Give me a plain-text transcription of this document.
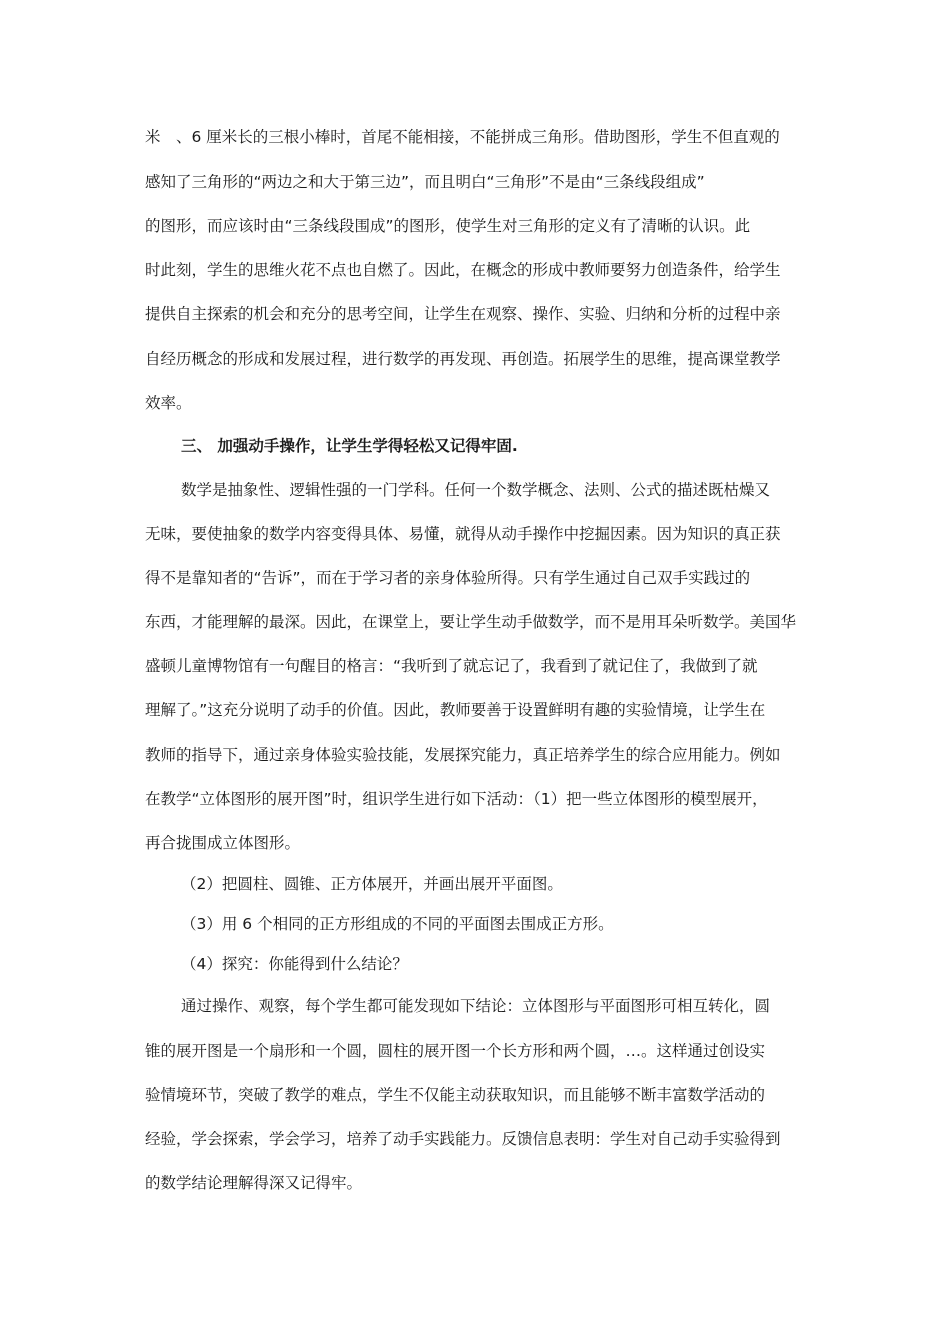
米　、6 厘米长的三根小棒时，首尾不能相接，不能拼成三角形。借助图形，学生不但直观的
感知了三角形的“两边之和大于第三边”，而且明白“三角形”不是由“三条线段组成”
的图形，而应该时由“三条线段围成”的图形，使学生对三角形的定义有了清晰的认识。此
时此刻，学生的思维火花不点也自燃了。因此，在概念的形成中教师要努力创造条件，给学生
提供自主探索的机会和充分的思考空间，让学生在观察、操作、实验、归纳和分析的过程中亲
自经历概念的形成和发展过程，进行数学的再发现、再创造。拓展学生的思维，提高课堂教学
效率。
三、 加强动手操作，让学生学得轻松又记得牢固.
数学是抽象性、逻辑性强的一门学科。任何一个数学概念、法则、公式的描述既枯燥又
无味，要使抽象的数学内容变得具体、易懂，就得从动手操作中挖掘因素。因为知识的真正获
得不是靠知者的“告诉”，而在于学习者的亲身体验所得。只有学生通过自己双手实践过的
东西，才能理解的最深。因此，在课堂上，要让学生动手做数学，而不是用耳朵听数学。美国华
盛顿儿童博物馆有一句醒目的格言：“我听到了就忘记了，我看到了就记住了，我做到了就
理解了。”这充分说明了动手的价值。因此，教师要善于设置鲜明有趣的实验情境，让学生在
教师的指导下，通过亲身体验实验技能，发展探究能力，真正培养学生的综合应用能力。例如
在教学“立体图形的展开图”时，组识学生进行如下活动：（1）把一些立体图形的模型展开，
再合拢围成立体图形。
（2）把圆柱、圆锥、正方体展开，并画出展开平面图。
（3）用 6 个相同的正方形组成的不同的平面图去围成正方形。
（4）探究：你能得到什么结论？
通过操作、观察，每个学生都可能发现如下结论：立体图形与平面图形可相互转化，圆
锥的展开图是一个扇形和一个圆，圆柱的展开图一个长方形和两个圆，…。这样通过创设实
验情境环节，突破了教学的难点，学生不仅能主动获取知识，而且能够不断丰富数学活动的
经验，学会探索，学会学习，培养了动手实践能力。反馈信息表明：学生对自己动手实验得到
的数学结论理解得深又记得牢。
